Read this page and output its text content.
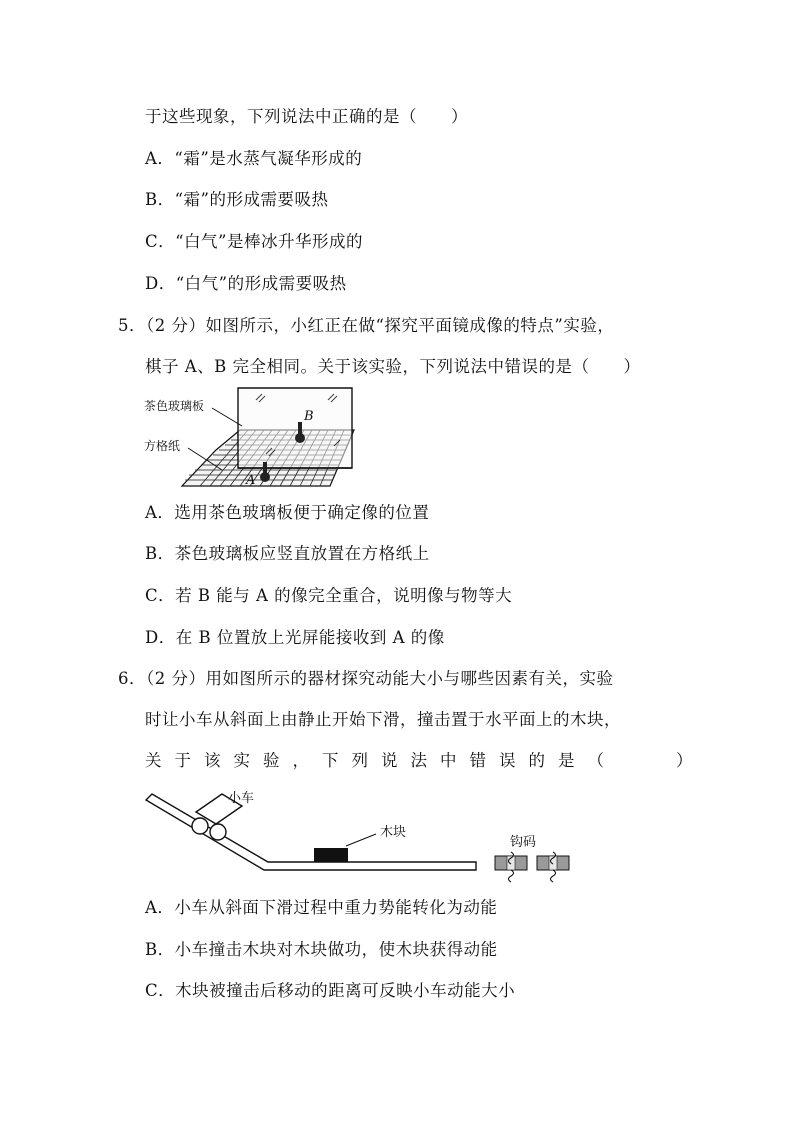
于这些现象，下列说法中正确的是（　　）
A．“霜”是水蒸气凝华形成的
B．“霜”的形成需要吸热
C．“白气”是棒冰升华形成的
D．“白气”的形成需要吸热
5．（2 分）如图所示，小红正在做“探究平面镜成像的特点”实验，
棋子 A、B 完全相同。关于该实验，下列说法中错误的是（　　）
B
A
茶色玻璃板
方格纸
A．选用茶色玻璃板便于确定像的位置
B．茶色玻璃板应竖直放置在方格纸上
C．若 B 能与 A 的像完全重合，说明像与物等大
D．在 B 位置放上光屏能接收到 A 的像
6．（2 分）用如图所示的器材探究动能大小与哪些因素有关，实验
时让小车从斜面上由静止开始下滑，撞击置于水平面上的木块，
关于该实验，下列说法中错误的是（　　）
小车
木块
钩码
A．小车从斜面下滑过程中重力势能转化为动能
B．小车撞击木块对木块做功，使木块获得动能
C．木块被撞击后移动的距离可反映小车动能大小
